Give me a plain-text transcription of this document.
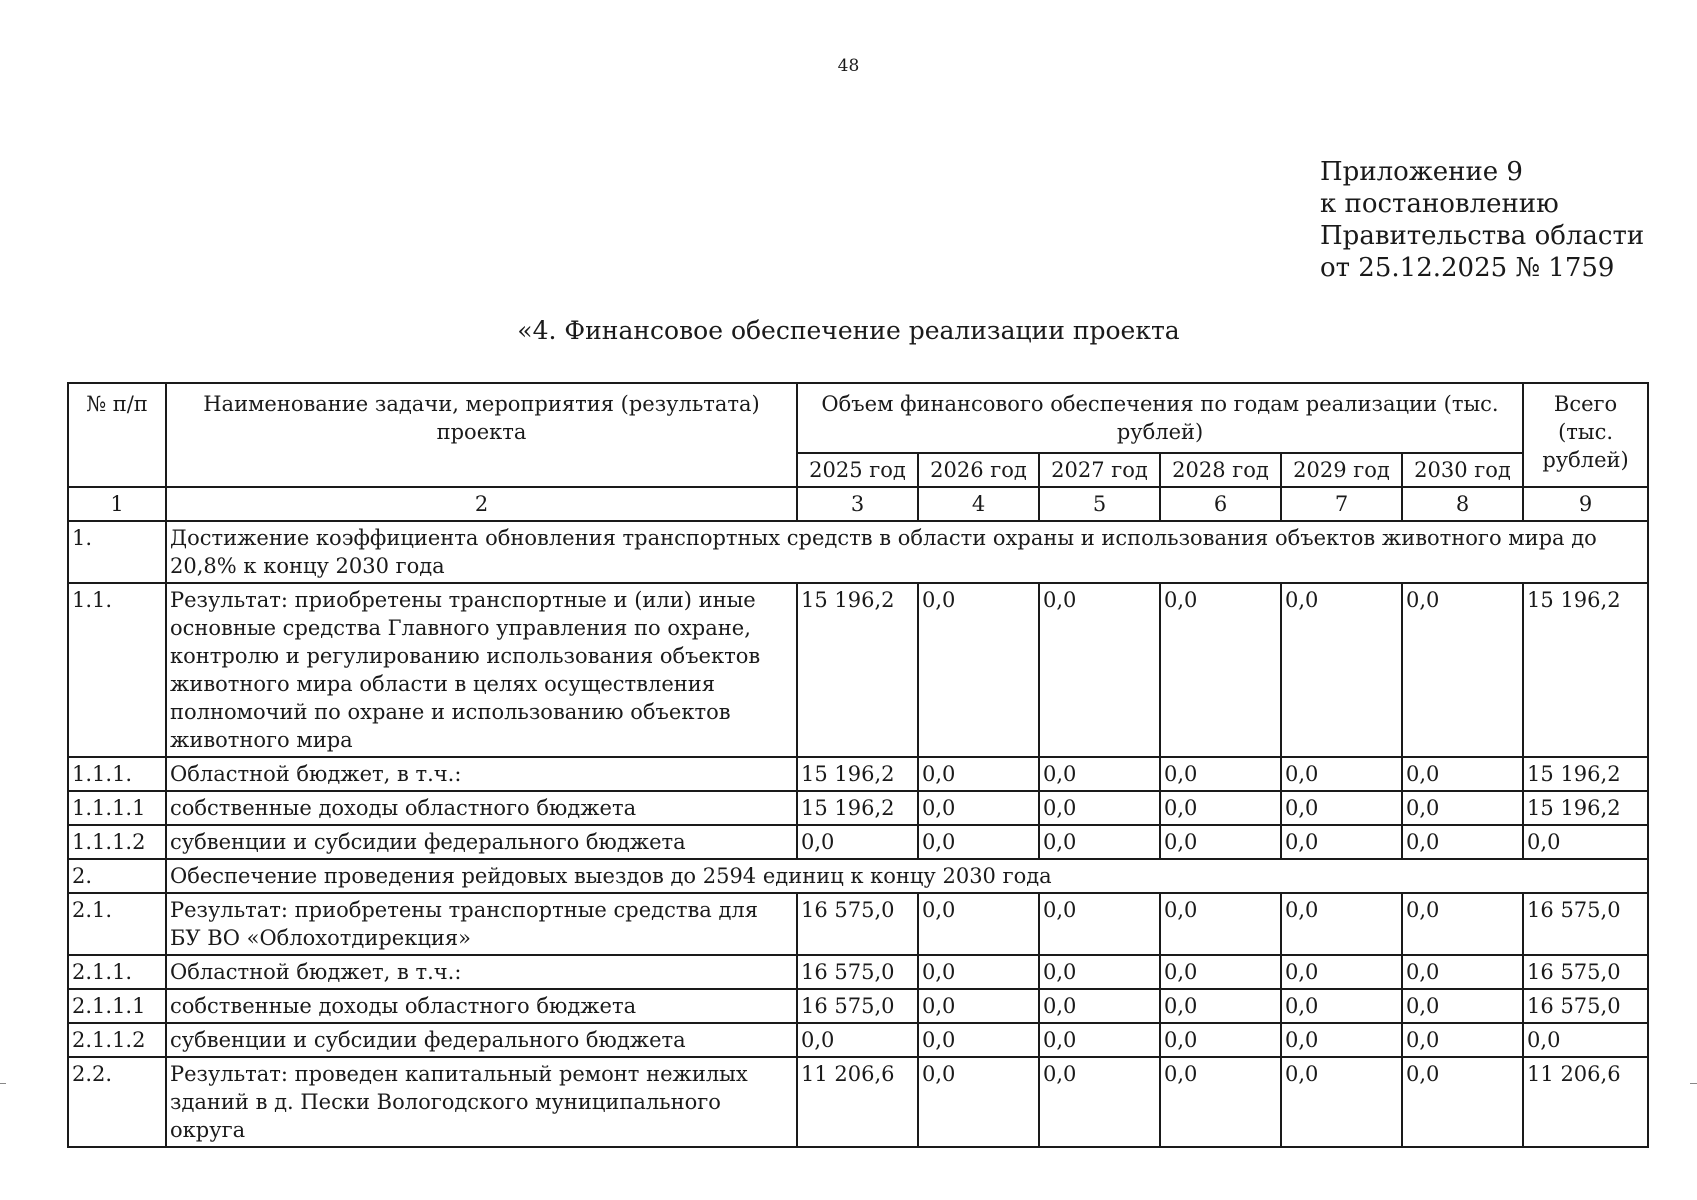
48
Приложение 9
к постановлению
Правительства области
от 25.12.2025 № 1759
«4. Финансовое обеспечение реализации проекта
№ п/п	Наименование задачи, мероприятия (результата) проекта	Объем финансового обеспечения по годам реализации (тыс. рублей)						Всего (тыс. рублей)
		2025 год	2026 год	2027 год	2028 год	2029 год	2030 год	
1	2	3	4	5	6	7	8	9
1.	Достижение коэффициента обновления транспортных средств в области охраны и использования объектов животного мира до 20,8% к концу 2030 года							
1.1.	Результат: приобретены транспортные и (или) иные основные средства Главного управления по охране, контролю и регулированию использования объектов животного мира области в целях осуществления полномочий по охране и использованию объектов животного мира	15 196,2	0,0	0,0	0,0	0,0	0,0	15 196,2
1.1.1.	Областной бюджет, в т.ч.:	15 196,2	0,0	0,0	0,0	0,0	0,0	15 196,2
1.1.1.1	собственные доходы областного бюджета	15 196,2	0,0	0,0	0,0	0,0	0,0	15 196,2
1.1.1.2	субвенции и субсидии федерального бюджета	0,0	0,0	0,0	0,0	0,0	0,0	0,0
2.	Обеспечение проведения рейдовых выездов до 2594 единиц к концу 2030 года							
2.1.	Результат: приобретены транспортные средства для БУ ВО «Облохотдирекция»	16 575,0	0,0	0,0	0,0	0,0	0,0	16 575,0
2.1.1.	Областной бюджет, в т.ч.:	16 575,0	0,0	0,0	0,0	0,0	0,0	16 575,0
2.1.1.1	собственные доходы областного бюджета	16 575,0	0,0	0,0	0,0	0,0	0,0	16 575,0
2.1.1.2	субвенции и субсидии федерального бюджета	0,0	0,0	0,0	0,0	0,0	0,0	0,0
2.2.	Результат: проведен капитальный ремонт нежилых зданий в д. Пески Вологодского муниципального округа	11 206,6	0,0	0,0	0,0	0,0	0,0	11 206,6
